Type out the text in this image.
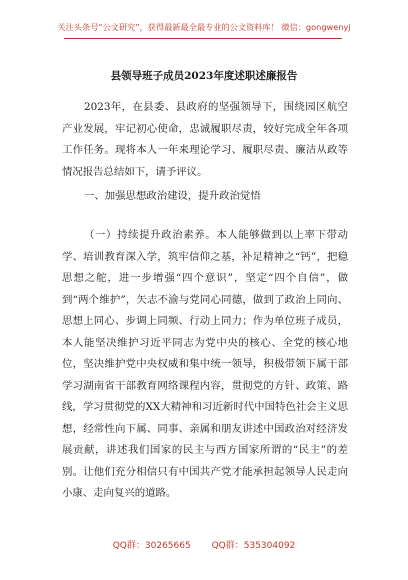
关注头条号“公文研究”，获得最新最全最专业的公文资料库！ 微信：gongwenyj
县领导班子成员2023年度述职述廉报告

2023年，在县委、县政府的坚强领导下，围绕园区航空产业发展，牢记初心使命，忠诚履职尽责，较好完成全年各项工作任务。现将本人一年来理论学习、履职尽责、廉洁从政等情况报告总结如下，请予评议。

一、加强思想政治建设，提升政治觉悟

（一）持续提升政治素养。本人能够做到以上率下带动学、培训教育深入学，筑牢信仰之基，补足精神之“钙”，把稳思想之舵，进一步增强“四个意识”，坚定“四个自信”，做到“两个维护”，矢志不渝与党同心同德，做到了政治上同向、思想上同心、步调上同频、行动上同力；作为单位班子成员，本人能坚决维护习近平同志为党中央的核心、全党的核心地位，坚决维护党中央权威和集中统一领导，积极带领下属干部学习湖南省干部教育网络课程内容，贯彻党的方针、政策、路线，学习贯彻党的XX大精神和习近新时代中国特色社会主义思想，经常性向下属、同事、亲属和朋友讲述中国政治对经济发展贡献，讲述我们国家的民主与西方国家所谓的“民主”的差别。让他们充分相信只有中国共产党才能承担起领导人民走向小康、走向复兴的道路。

QQ群：30265665 QQ群：535304092
